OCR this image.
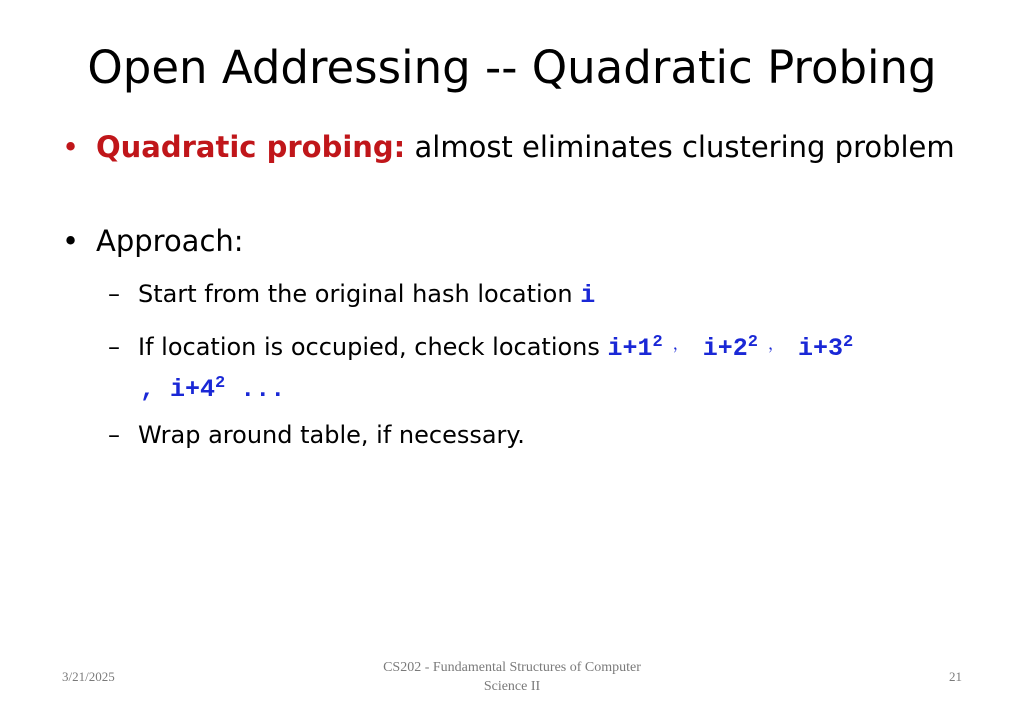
Open Addressing -- Quadratic Probing
• Quadratic probing: almost eliminates clustering problem
• Approach:
– Start from the original hash location i
– If location is occupied, check locations $i+1^2$ ， $i+2^2$ ， $i+3^2$
, $i+4^2$ ...
– Wrap around table, if necessary.
3/21/2025
CS202 - Fundamental Structures of Computer
Science II
21
